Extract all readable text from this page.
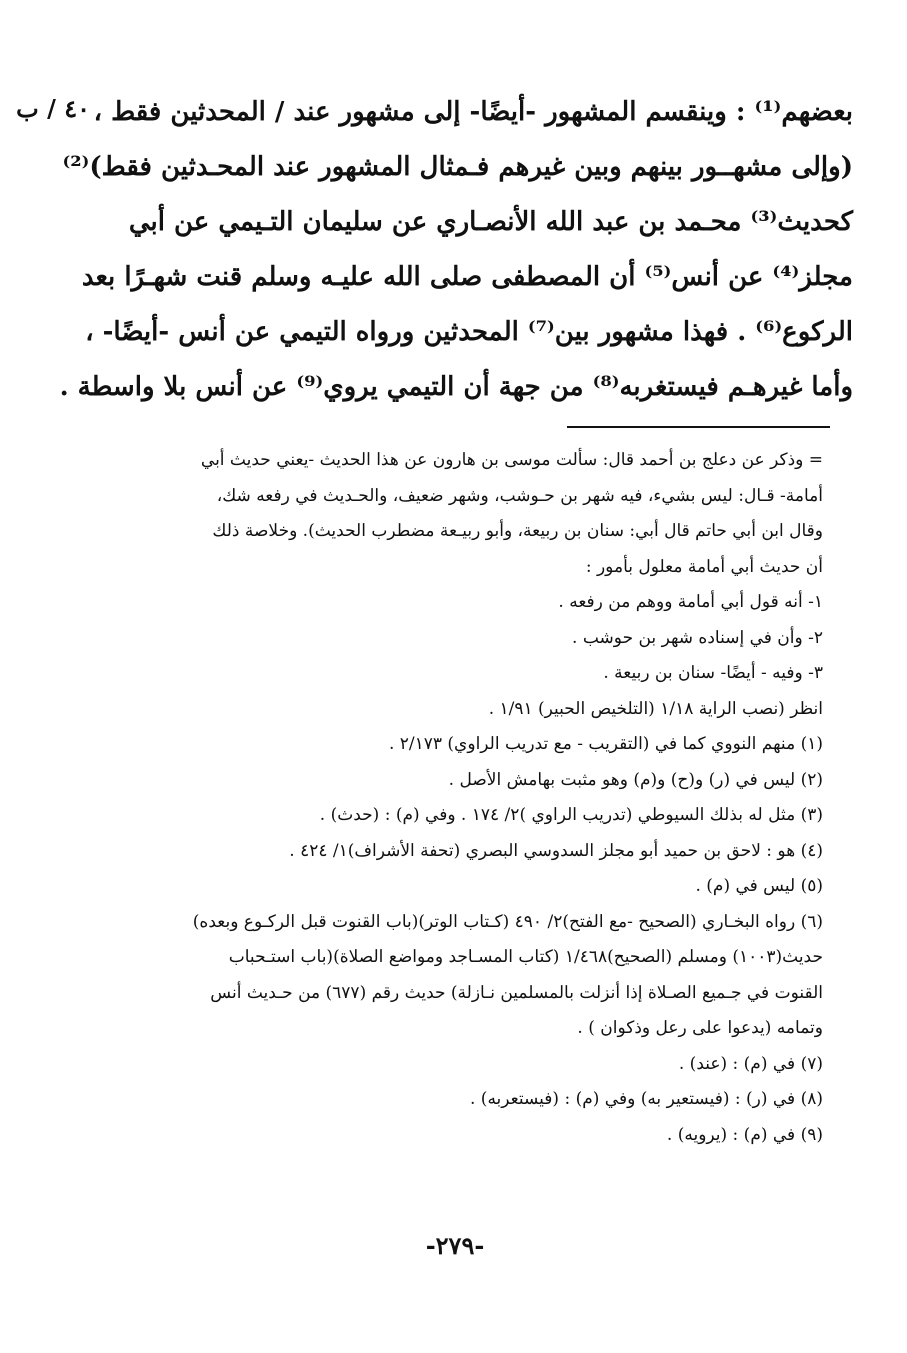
٤٠ / ب بعضهم⁽¹⁾ : وينقسم المشهور -أيضًا- إلى مشهور عند / المحدثين فقط ،
(وإلى مشهــور بينهم وبين غيرهم فـمثال المشهور عند المحـدثين فقط)⁽²⁾
كحديث⁽³⁾ محـمد بن عبد الله الأنصـاري عن سليمان التـيمي عن أبي
مجلز⁽⁴⁾ عن أنس⁽⁵⁾ أن المصطفى صلى الله عليـه وسلم قنت شهـرًا بعد
الركوع⁽⁶⁾ . فهذا مشهور بين⁽⁷⁾ المحدثين ورواه التيمي عن أنس -أيضًا- ،
وأما غيرهـم فيستغربه⁽⁸⁾ من جهة أن التيمي يروي⁽⁹⁾ عن أنس بلا واسطة .
= وذكر عن دعلج بن أحمد قال: سألت موسى بن هارون عن هذا الحديث -يعني حديث أبي
أمامة- قـال: ليس بشيء، فيه شهر بن حـوشب، وشهر ضعيف، والحـديث في رفعه شك،
وقال ابن أبي حاتم قال أبي: سنان بن ربيعة، وأبو ربيـعة مضطرب الحديث). وخلاصة ذلك
أن حديث أبي أمامة معلول بأمور :
١- أنه قول أبي أمامة ووهم من رفعه .
٢- وأن في إسناده شهر بن حوشب .
٣- وفيه - أيضًا- سنان بن ربيعة .
انظر (نصب الراية ١/١٨ (التلخيص الحبير) ١/٩١ .
(١) منهم النووي كما في (التقريب - مع تدريب الراوي) ٢/١٧٣ .
(٢) ليس في (ر) و(ح) و(م) وهو مثبت بهامش الأصل .
(٣) مثل له بذلك السيوطي (تدريب الراوي )٢/ ١٧٤ . وفي (م) : (حدث) .
(٤) هو : لاحق بن حميد أبو مجلز السدوسي البصري (تحفة الأشراف)١/ ٤٢٤ .
(٥) ليس في (م) .
(٦) رواه البخـاري (الصحيح -مع الفتح)٢/ ٤٩٠ (كـتاب الوتر)(باب القنوت قبل الركـوع وبعده)
حديث(١٠٠٣) ومسلم (الصحيح)١/٤٦٨ (كتاب المسـاجد ومواضع الصلاة)(باب استـحباب
القنوت في جـميع الصـلاة إذا أنزلت بالمسلمين نـازلة) حديث رقم (٦٧٧) من حـديث أنس
وتمامه (يدعوا على رعل وذكوان ) .
(٧) في (م) : (عند) .
(٨) في (ر) : (فيستعير به) وفي (م) : (فيستعربه) .
(٩) في (م) : (يرويه) .
-٢٧٩-
